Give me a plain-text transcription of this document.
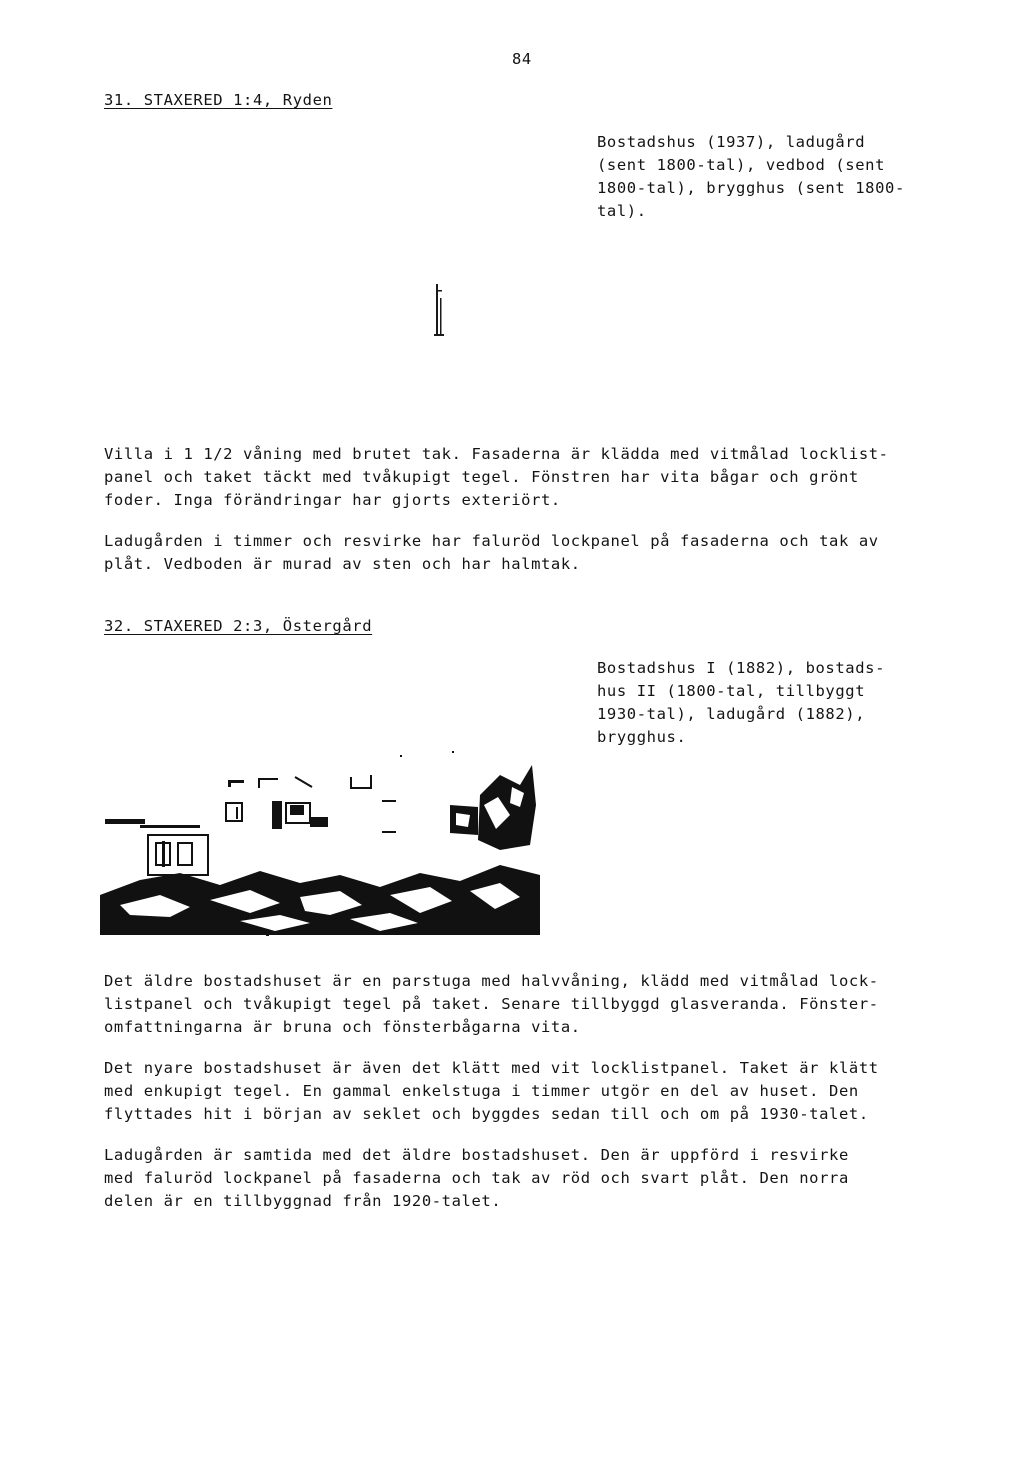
84
31. STAXERED 1:4, Ryden
Bostadshus (1937), ladugård
(sent 1800-tal), vedbod (sent
1800-tal), brygghus (sent 1800-
tal).
Villa i 1 1/2 våning med brutet tak. Fasaderna är klädda med vitmålad locklist-
panel och taket täckt med tvåkupigt tegel. Fönstren har vita bågar och grönt
foder. Inga förändringar har gjorts exteriört.
Ladugården i timmer och resvirke har faluröd lockpanel på fasaderna och tak av
plåt. Vedboden är murad av sten och har halmtak.
32. STAXERED 2:3, Östergård
Bostadshus I (1882), bostads-
hus II (1800-tal, tillbyggt
1930-tal), ladugård (1882),
brygghus.
Det äldre bostadshuset är en parstuga med halvvåning, klädd med vitmålad lock-
listpanel och tvåkupigt tegel på taket. Senare tillbyggd glasveranda. Fönster-
omfattningarna är bruna och fönsterbågarna vita.
Det nyare bostadshuset är även det klätt med vit locklistpanel. Taket är klätt
med enkupigt tegel. En gammal enkelstuga i timmer utgör en del av huset. Den
flyttades hit i början av seklet och byggdes sedan till och om på 1930-talet.
Ladugården är samtida med det äldre bostadshuset. Den är uppförd i resvirke
med faluröd lockpanel på fasaderna och tak av röd och svart plåt. Den norra
delen är en tillbyggnad från 1920-talet.
